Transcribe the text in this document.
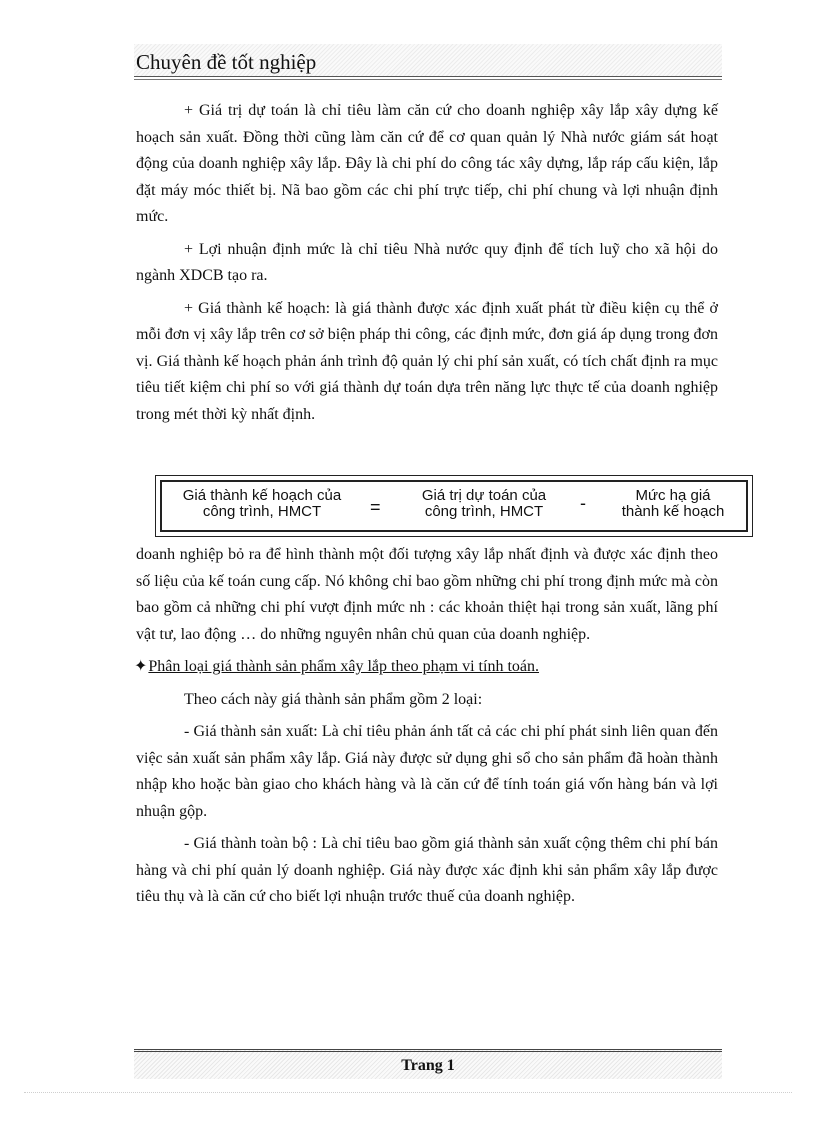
Chuyên đề tốt nghiệp

+ Giá trị dự toán là chỉ tiêu làm căn cứ cho doanh nghiệp xây lắp xây dựng kế hoạch sản xuất. Đồng thời cũng làm căn cứ để cơ quan quản lý Nhà nước giám sát hoạt động của doanh nghiệp xây lắp. Đây là chi phí do công tác xây dựng, lắp ráp cấu kiện, lắp đặt máy móc thiết bị. Nã bao gồm các chi phí trực tiếp, chi phí chung và lợi nhuận định mức.

+ Lợi nhuận định mức là chỉ tiêu Nhà nước quy định để tích luỹ cho xã hội do ngành XDCB tạo ra.

+ Giá thành kế hoạch: là giá thành được xác định xuất phát từ điều kiện cụ thể ở mỗi đơn vị xây lắp trên cơ sở biện pháp thi công, các định mức, đơn giá áp dụng trong đơn vị. Giá thành kế hoạch phản ánh trình độ quản lý chi phí sản xuất, có tích chất định ra mục tiêu tiết kiệm chi phí so với giá thành dự toán dựa trên năng lực thực tế của doanh nghiệp trong mét thời kỳ nhất định.

Giá thành kế hoạch của
công trình, HMCT	=
Giá trị dự toán của
công trình, HMCT	-	Mức hạ giá
thành kế hoạch

doanh nghiệp bỏ ra để hình thành một đối tượng xây lắp nhất định và được xác định theo số liệu của kế toán cung cấp. Nó không chỉ bao gồm những chi phí trong định mức mà còn bao gồm cả những chi phí vượt định mức nh : các khoản thiệt hại trong sản xuất, lãng phí vật tư, lao động … do những nguyên nhân chủ quan của doanh nghiệp.

✦Phân loại giá thành sản phẩm xây lắp theo phạm vi tính toán.

Theo cách này giá thành sản phẩm gồm 2 loại:

- Giá thành sản xuất: Là chỉ tiêu phản ánh tất cả các chi phí phát sinh liên quan đến việc sản xuất sản phẩm xây lắp. Giá này được sử dụng ghi sổ cho sản phẩm đã hoàn thành nhập kho hoặc bàn giao cho khách hàng và là căn cứ để tính toán giá vốn hàng bán và lợi nhuận gộp.

- Giá thành toàn bộ : Là chỉ tiêu bao gồm giá thành sản xuất cộng thêm chi phí bán hàng và chi phí quản lý doanh nghiệp. Giá này được xác định khi sản phẩm xây lắp được tiêu thụ và là căn cứ cho biết lợi nhuận trước thuế của doanh nghiệp.

Trang 1
